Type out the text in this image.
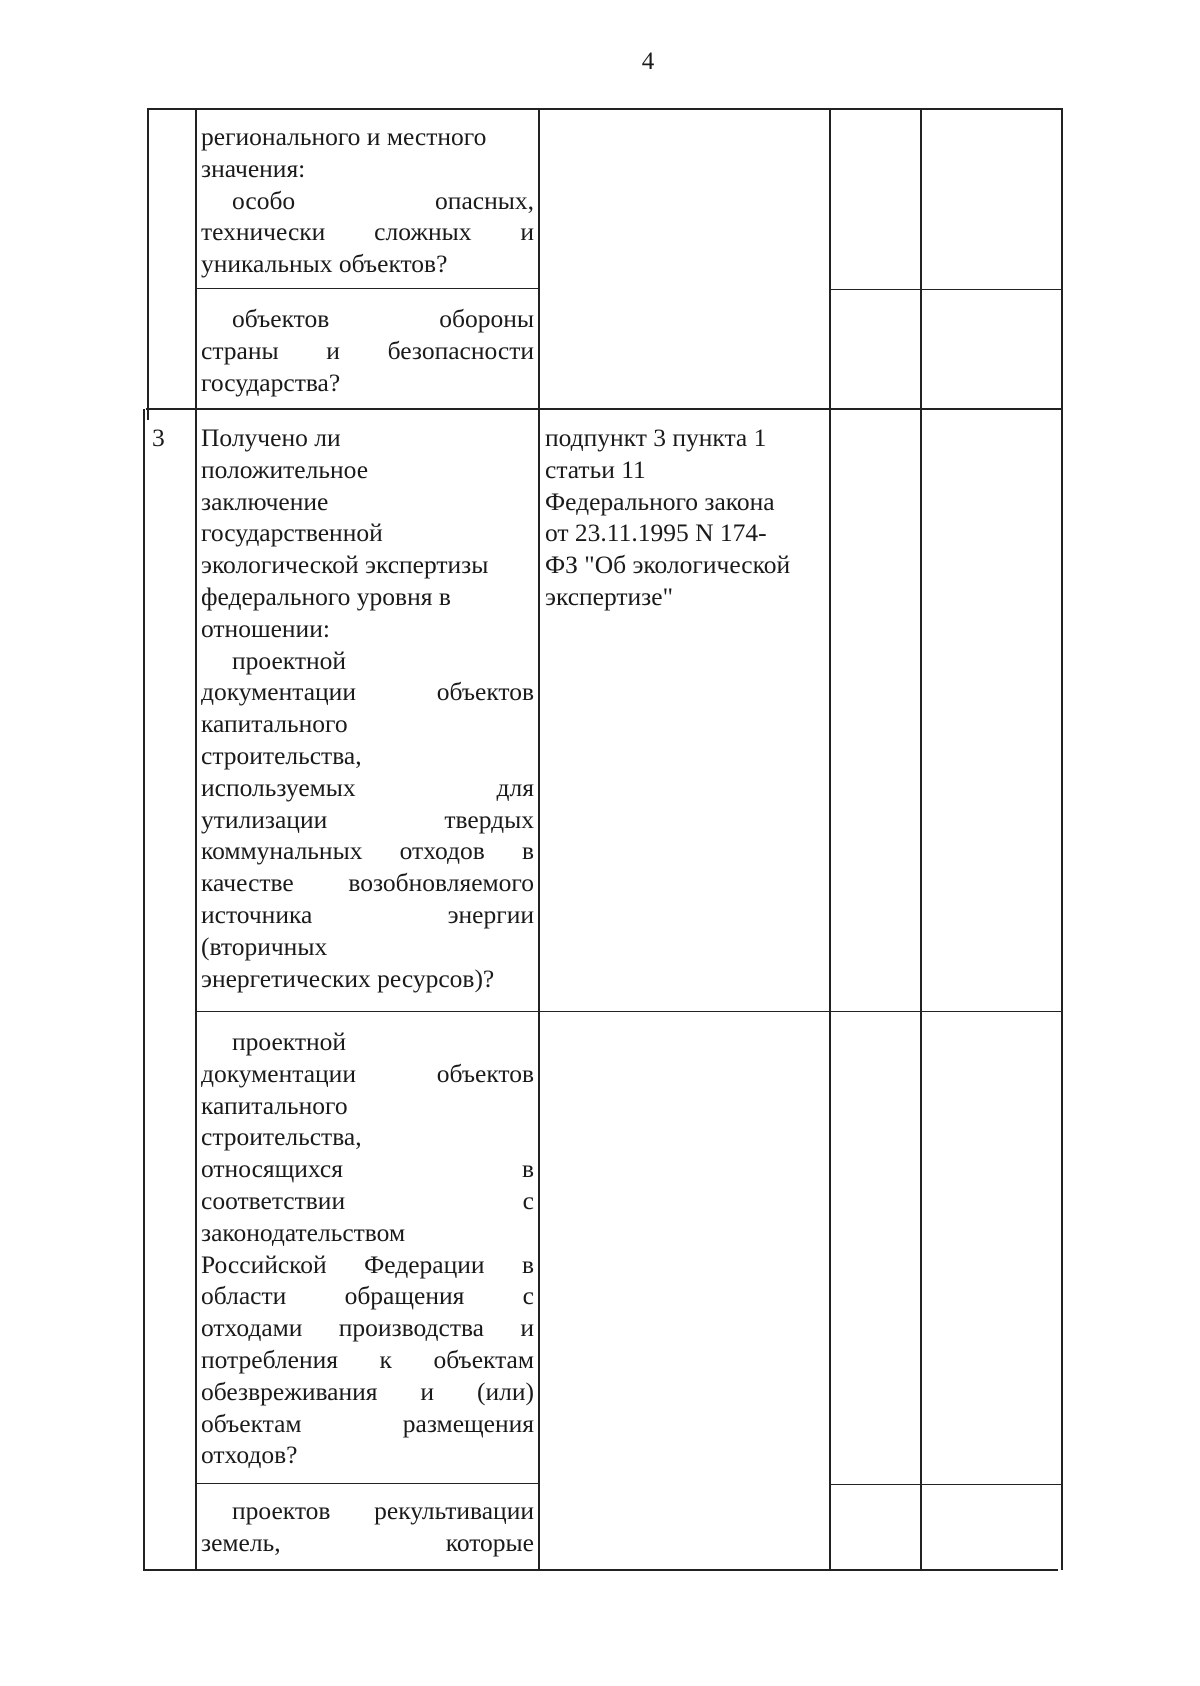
4
регионального и местного
значения:
особо опасных,
технически сложных и
уникальных объектов?
объектов обороны
страны и безопасности
государства?
3 Получено ли
положительное
заключение
государственной
экологической экспертизы
федерального уровня в
отношении:
проектной
документации объектов
капитального
строительства,
используемых для
утилизации твердых
коммунальных отходов в
качестве возобновляемого
источника энергии
(вторичных
энергетических ресурсов)?
подпункт 3 пункта 1
статьи 11
Федерального закона
от 23.11.1995 N 174-
ФЗ "Об экологической
экспертизе"
проектной
документации объектов
капитального
строительства,
относящихся в
соответствии с
законодательством
Российской Федерации в
области обращения с
отходами производства и
потребления к объектам
обезвреживания и (или)
объектам размещения
отходов?
проектов рекультивации
земель, которые
